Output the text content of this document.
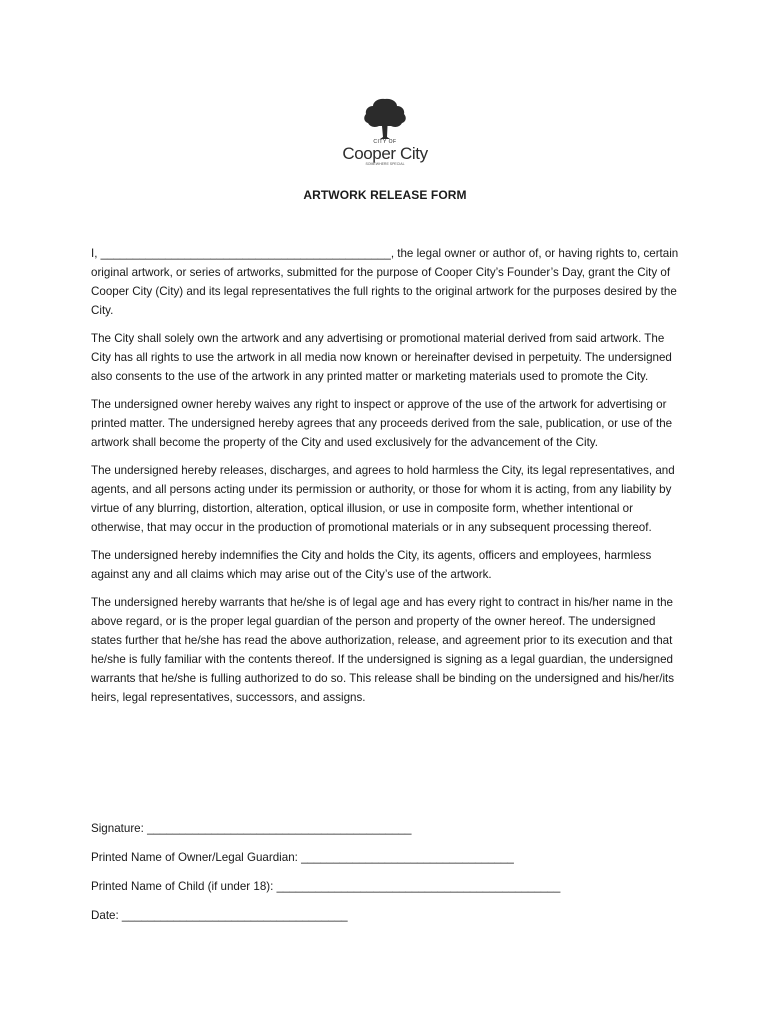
CITY OF
Cooper City
SOMEWHERE SPECIAL
ARTWORK RELEASE FORM

I, _____________________________________________, the legal owner or author of, or having rights to, certain original artwork, or series of artworks, submitted for the purpose of Cooper City’s Founder’s Day, grant the City of Cooper City (City) and its legal representatives the full rights to the original artwork for the purposes desired by the City.

The City shall solely own the artwork and any advertising or promotional material derived from said artwork. The City has all rights to use the artwork in all media now known or hereinafter devised in perpetuity. The undersigned also consents to the use of the artwork in any printed matter or marketing materials used to promote the City.

The undersigned owner hereby waives any right to inspect or approve of the use of the artwork for advertising or printed matter. The undersigned hereby agrees that any proceeds derived from the sale, publication, or use of the artwork shall become the property of the City and used exclusively for the advancement of the City.

The undersigned hereby releases, discharges, and agrees to hold harmless the City, its legal representatives, and agents, and all persons acting under its permission or authority, or those for whom it is acting, from any liability by virtue of any blurring, distortion, alteration, optical illusion, or use in composite form, whether intentional or otherwise, that may occur in the production of promotional materials or in any subsequent processing thereof.

The undersigned hereby indemnifies the City and holds the City, its agents, officers and employees, harmless against any and all claims which may arise out of the City’s use of the artwork.

The undersigned hereby warrants that he/she is of legal age and has every right to contract in his/her name in the above regard, or is the proper legal guardian of the person and property of the owner hereof. The undersigned states further that he/she has read the above authorization, release, and agreement prior to its execution and that he/she is fully familiar with the contents thereof. If the undersigned is signing as a legal guardian, the undersigned warrants that he/she is fulling authorized to do so. This release shall be binding on the undersigned and his/her/its heirs, legal representatives, successors, and assigns.

Signature: _________________________________________
Printed Name of Owner/Legal Guardian: _________________________________
Printed Name of Child (if under 18): ____________________________________________
Date: ___________________________________
